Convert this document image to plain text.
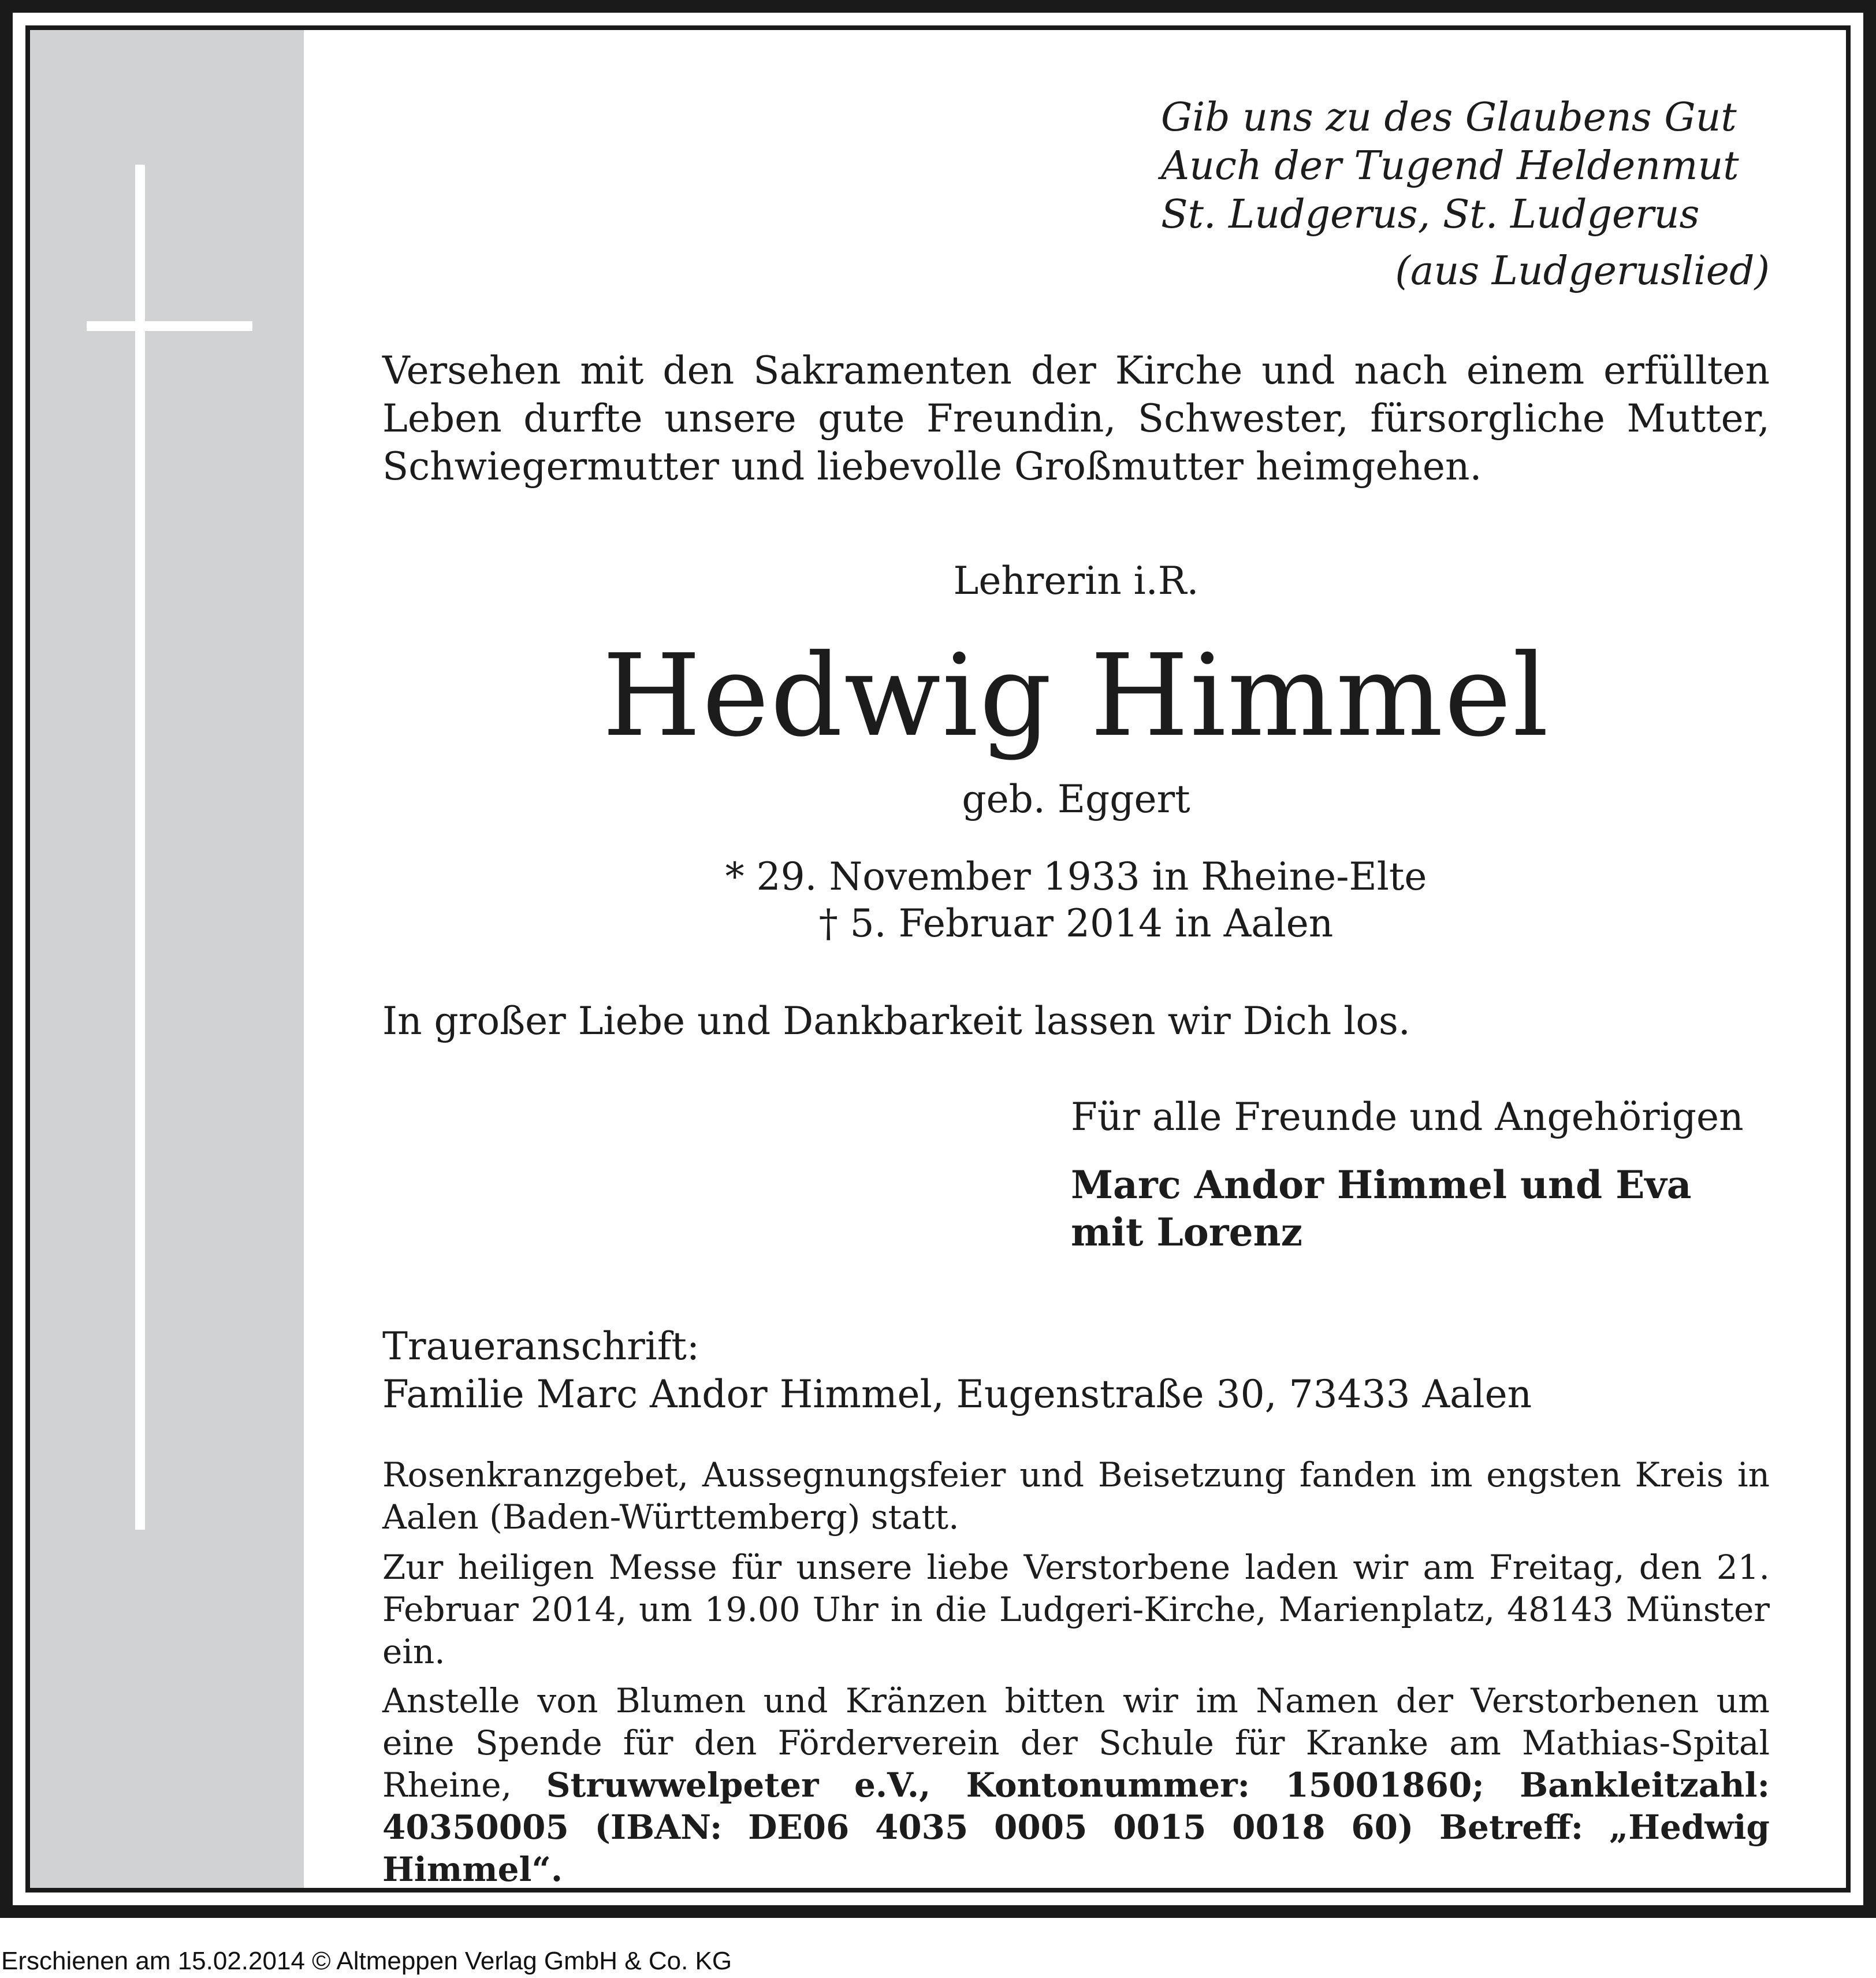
Gib uns zu des Glaubens Gut
Auch der Tugend Heldenmut
St. Ludgerus, St. Ludgerus
(aus Ludgeruslied)
Versehen mit den Sakramenten der Kirche und nach einem erfüllten Leben durfte unsere gute Freundin, Schwester, fürsorgliche Mutter, Schwiegermutter und liebevolle Großmutter heimgehen.
Lehrerin i.R.
Hedwig Himmel
geb. Eggert
* 29. November 1933 in Rheine-Elte
† 5. Februar 2014 in Aalen
In großer Liebe und Dankbarkeit lassen wir Dich los.
Für alle Freunde und Angehörigen
Marc Andor Himmel und Eva
mit Lorenz
Traueranschrift:
Familie Marc Andor Himmel, Eugenstraße 30, 73433 Aalen
Rosenkranzgebet, Aussegnungsfeier und Beisetzung fanden im engsten Kreis in Aalen (Baden-Württemberg) statt.
Zur heiligen Messe für unsere liebe Verstorbene laden wir am Freitag, den 21. Februar 2014, um 19.00 Uhr in die Ludgeri-Kirche, Marienplatz, 48143 Münster ein.
Anstelle von Blumen und Kränzen bitten wir im Namen der Verstorbenen um eine Spende für den Förderverein der Schule für Kranke am Mathias-Spital Rheine, Struwwelpeter e.V., Kontonummer: 15001860; Bankleitzahl: 40350005 (IBAN: DE06 4035 0005 0015 0018 60) Betreff: „Hedwig Himmel“.
Erschienen am 15.02.2014 © Altmeppen Verlag GmbH & Co. KG
